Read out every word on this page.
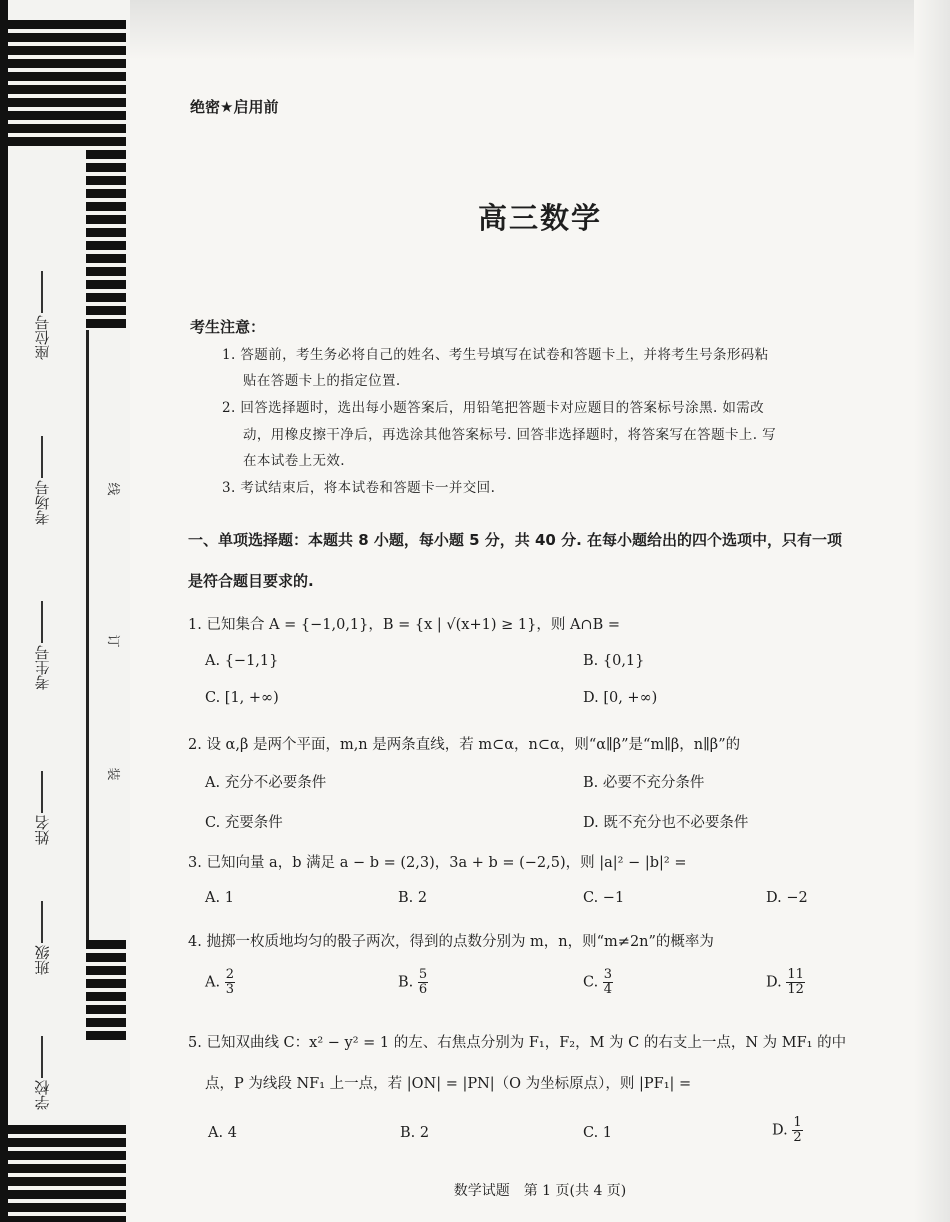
座位号
考场号
考生号
姓名
班级
学校
线
订
装
绝密★启用前
高三数学
考生注意：
1. 答题前，考生务必将自己的姓名、考生号填写在试卷和答题卡上，并将考生号条形码粘
贴在答题卡上的指定位置.
2. 回答选择题时，选出每小题答案后，用铅笔把答题卡对应题目的答案标号涂黑. 如需改
动，用橡皮擦干净后，再选涂其他答案标号. 回答非选择题时，将答案写在答题卡上. 写
在本试卷上无效.
3. 考试结束后，将本试卷和答题卡一并交回.
一、单项选择题：本题共 8 小题，每小题 5 分，共 40 分. 在每小题给出的四个选项中，只有一项
是符合题目要求的.
1. 已知集合 A = {−1,0,1}，B = {x | √(x+1) ≥ 1}，则 A∩B =
A. {−1,1}	B. {0,1}
C. [1, +∞)	D. [0, +∞)
2. 设 α,β 是两个平面，m,n 是两条直线，若 m⊂α，n⊂α，则“α∥β”是“m∥β，n∥β”的
A. 充分不必要条件	B. 必要不充分条件
C. 充要条件	D. 既不充分也不必要条件
3. 已知向量 a，b 满足 a − b = (2,3)，3a + b = (−2,5)，则 |a|² − |b|² =
A. 1	B. 2	C. −1	D. −2
4. 抛掷一枚质地均匀的骰子两次，得到的点数分别为 m，n，则“m≠2n”的概率为
A. $\frac{2}{3}$	B. $\frac{5}{6}$	C. $\frac{3}{4}$	D. $\frac{11}{12}$
5. 已知双曲线 C：x² − y² = 1 的左、右焦点分别为 F₁，F₂，M 为 C 的右支上一点，N 为 MF₁ 的中
点，P 为线段 NF₁ 上一点，若 |ON| = |PN|（O 为坐标原点），则 |PF₁| =
A. 4	B. 2	C. 1	D. $\frac{1}{2}$
数学试题　第 1 页(共 4 页)
